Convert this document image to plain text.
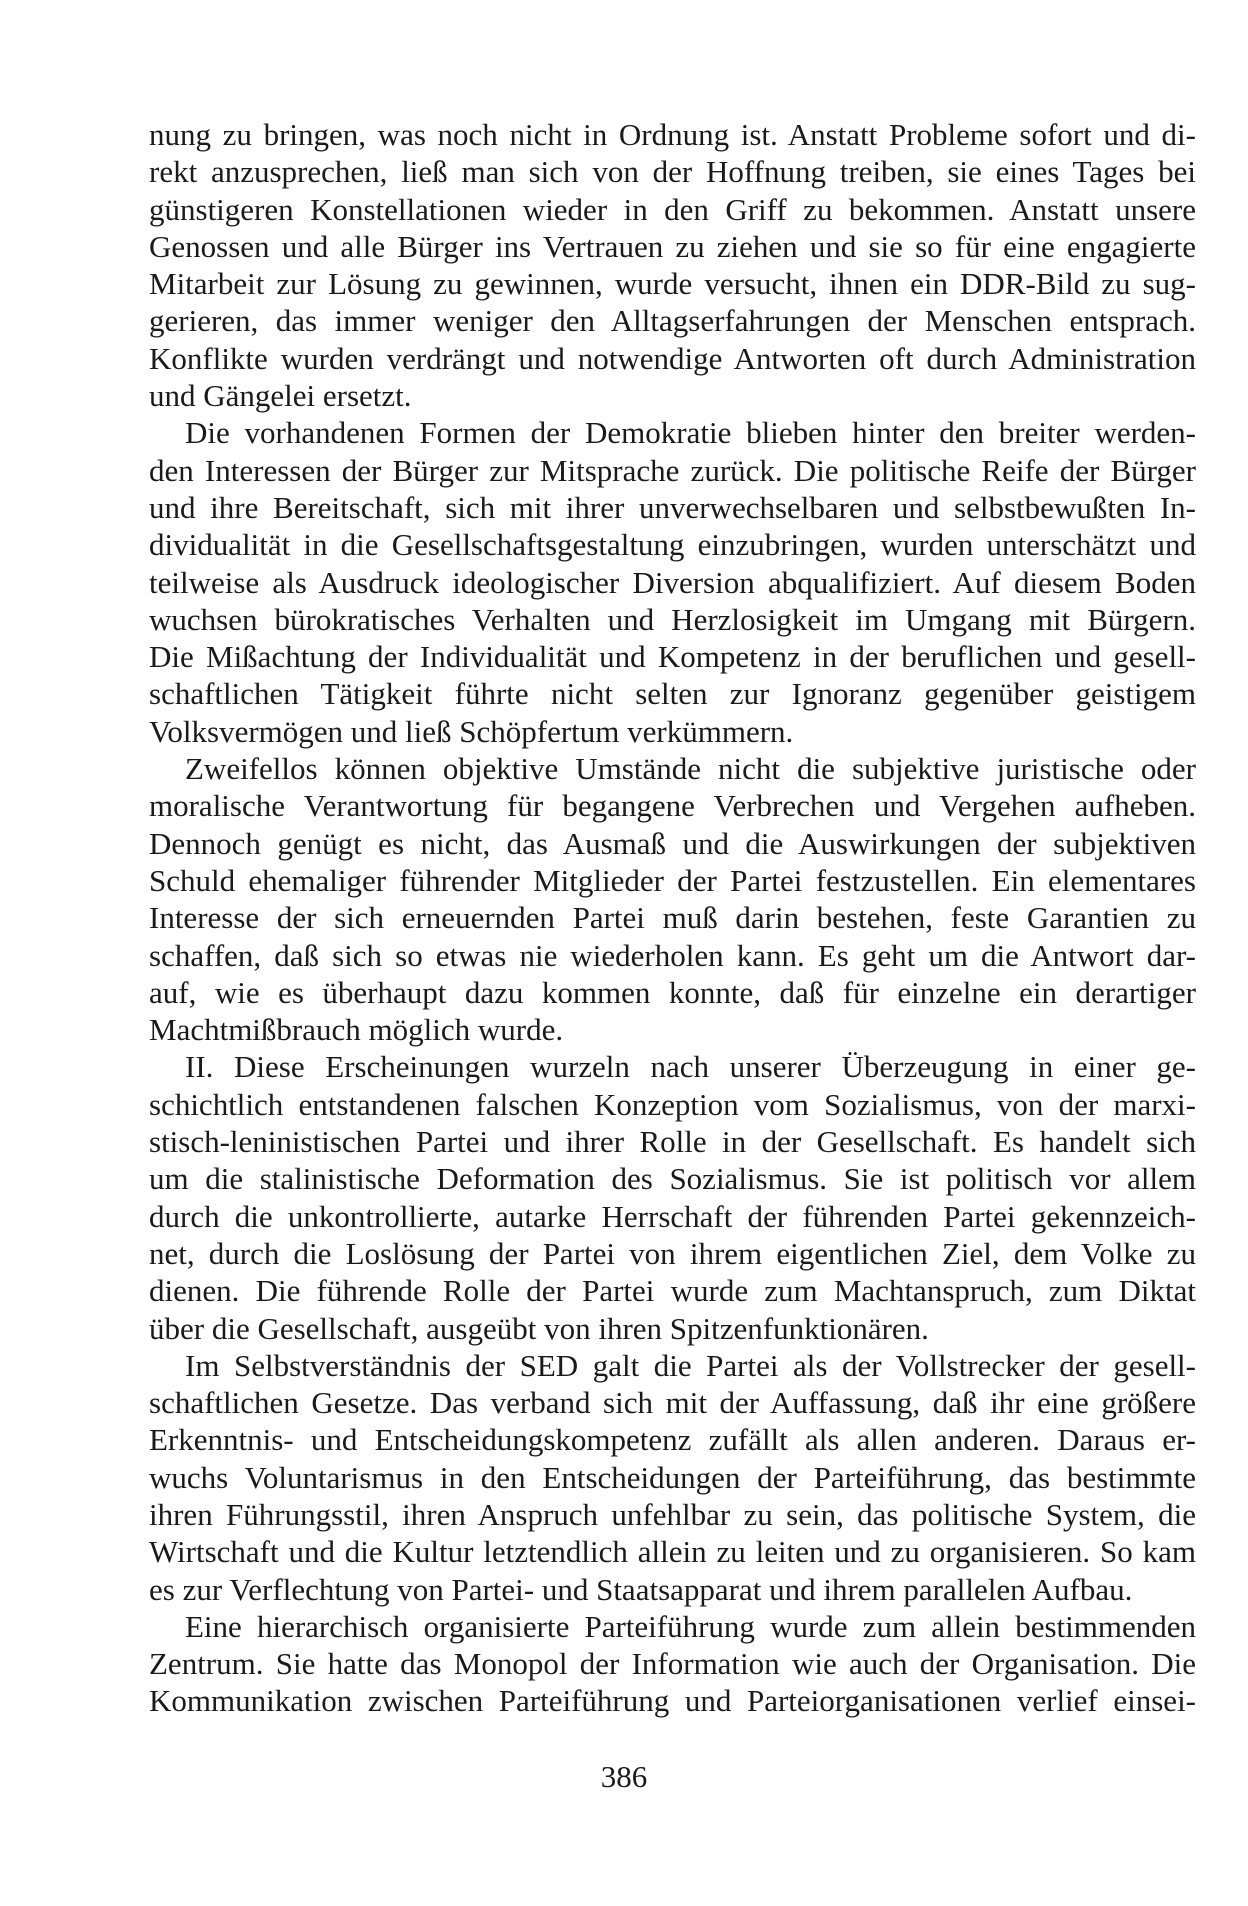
nung zu bringen, was noch nicht in Ordnung ist. Anstatt Probleme sofort und di-
rekt anzusprechen, ließ man sich von der Hoffnung treiben, sie eines Tages bei
günstigeren Konstellationen wieder in den Griff zu bekommen. Anstatt unsere
Genossen und alle Bürger ins Vertrauen zu ziehen und sie so für eine engagierte
Mitarbeit zur Lösung zu gewinnen, wurde versucht, ihnen ein DDR-Bild zu sug-
gerieren, das immer weniger den Alltagserfahrungen der Menschen entsprach.
Konflikte wurden verdrängt und notwendige Antworten oft durch Administration
und Gängelei ersetzt.
Die vorhandenen Formen der Demokratie blieben hinter den breiter werden-
den Interessen der Bürger zur Mitsprache zurück. Die politische Reife der Bürger
und ihre Bereitschaft, sich mit ihrer unverwechselbaren und selbstbewußten In-
dividualität in die Gesellschaftsgestaltung einzubringen, wurden unterschätzt und
teilweise als Ausdruck ideologischer Diversion abqualifiziert. Auf diesem Boden
wuchsen bürokratisches Verhalten und Herzlosigkeit im Umgang mit Bürgern.
Die Mißachtung der Individualität und Kompetenz in der beruflichen und gesell-
schaftlichen Tätigkeit führte nicht selten zur Ignoranz gegenüber geistigem
Volksvermögen und ließ Schöpfertum verkümmern.
Zweifellos können objektive Umstände nicht die subjektive juristische oder
moralische Verantwortung für begangene Verbrechen und Vergehen aufheben.
Dennoch genügt es nicht, das Ausmaß und die Auswirkungen der subjektiven
Schuld ehemaliger führender Mitglieder der Partei festzustellen. Ein elementares
Interesse der sich erneuernden Partei muß darin bestehen, feste Garantien zu
schaffen, daß sich so etwas nie wiederholen kann. Es geht um die Antwort dar-
auf, wie es überhaupt dazu kommen konnte, daß für einzelne ein derartiger
Machtmißbrauch möglich wurde.
II. Diese Erscheinungen wurzeln nach unserer Überzeugung in einer ge-
schichtlich entstandenen falschen Konzeption vom Sozialismus, von der marxi-
stisch-leninistischen Partei und ihrer Rolle in der Gesellschaft. Es handelt sich
um die stalinistische Deformation des Sozialismus. Sie ist politisch vor allem
durch die unkontrollierte, autarke Herrschaft der führenden Partei gekennzeich-
net, durch die Loslösung der Partei von ihrem eigentlichen Ziel, dem Volke zu
dienen. Die führende Rolle der Partei wurde zum Machtanspruch, zum Diktat
über die Gesellschaft, ausgeübt von ihren Spitzenfunktionären.
Im Selbstverständnis der SED galt die Partei als der Vollstrecker der gesell-
schaftlichen Gesetze. Das verband sich mit der Auffassung, daß ihr eine größere
Erkenntnis- und Entscheidungskompetenz zufällt als allen anderen. Daraus er-
wuchs Voluntarismus in den Entscheidungen der Parteiführung, das bestimmte
ihren Führungsstil, ihren Anspruch unfehlbar zu sein, das politische System, die
Wirtschaft und die Kultur letztendlich allein zu leiten und zu organisieren. So kam
es zur Verflechtung von Partei- und Staatsapparat und ihrem parallelen Aufbau.
Eine hierarchisch organisierte Parteiführung wurde zum allein bestimmenden
Zentrum. Sie hatte das Monopol der Information wie auch der Organisation. Die
Kommunikation zwischen Parteiführung und Parteiorganisationen verlief einsei-
386
